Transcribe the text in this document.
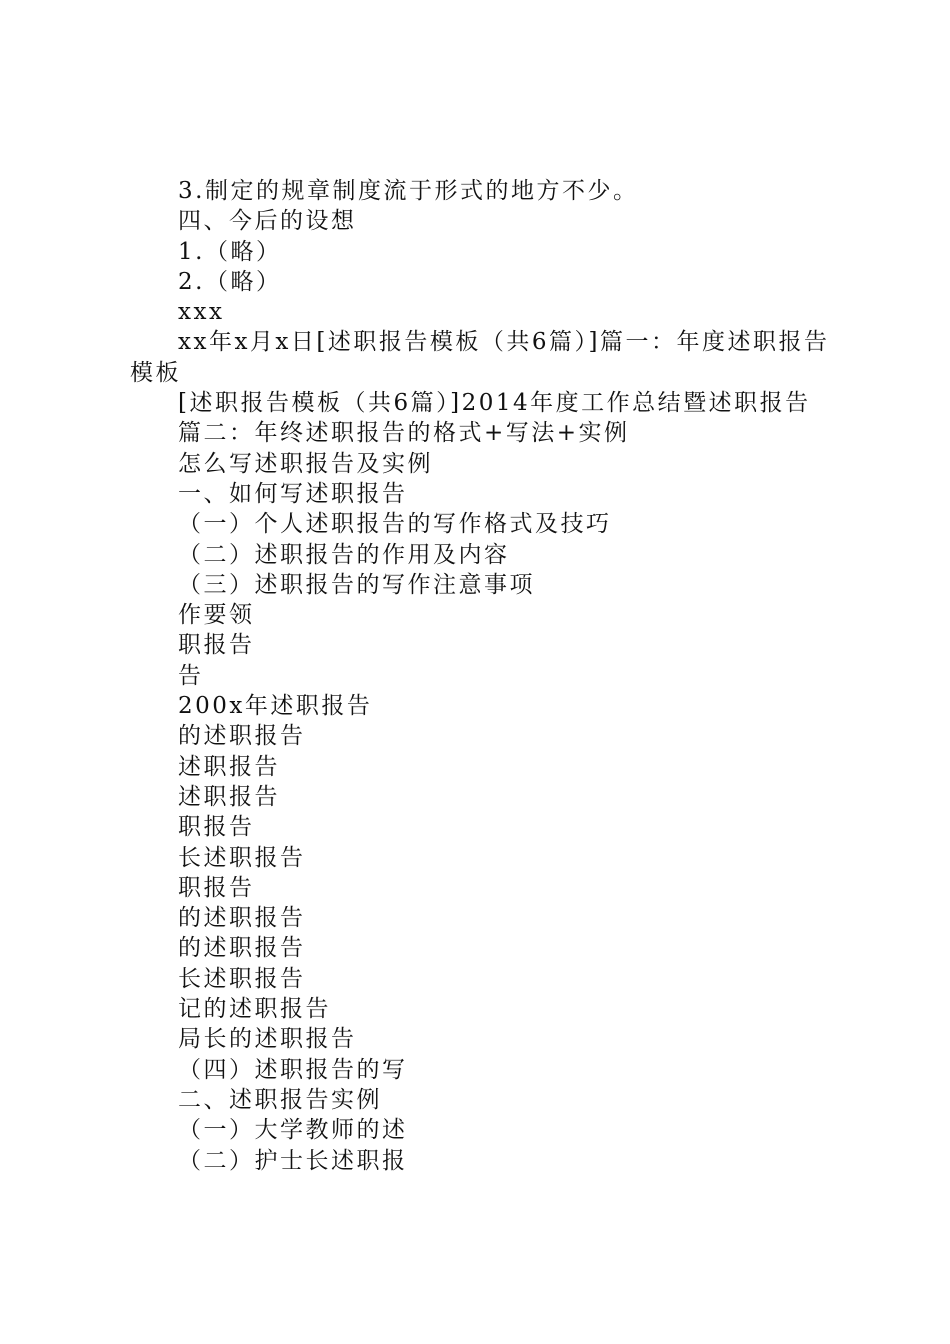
3.制定的规章制度流于形式的地方不少。
四、今后的设想
1.（略）
2.（略）
xxx
xx年x月x日[述职报告模板（共6篇）]篇一：年度述职报告模板
[述职报告模板（共6篇）]2014年度工作总结暨述职报告
篇二：年终述职报告的格式+写法+实例
怎么写述职报告及实例
一、如何写述职报告
（一）个人述职报告的写作格式及技巧
（二）述职报告的作用及内容
（三）述职报告的写作注意事项
作要领
职报告
告
200x年述职报告
的述职报告
述职报告
述职报告
职报告
长述职报告
职报告
的述职报告
的述职报告
长述职报告
记的述职报告
局长的述职报告
（四）述职报告的写
二、述职报告实例
（一）大学教师的述
（二）护士长述职报
